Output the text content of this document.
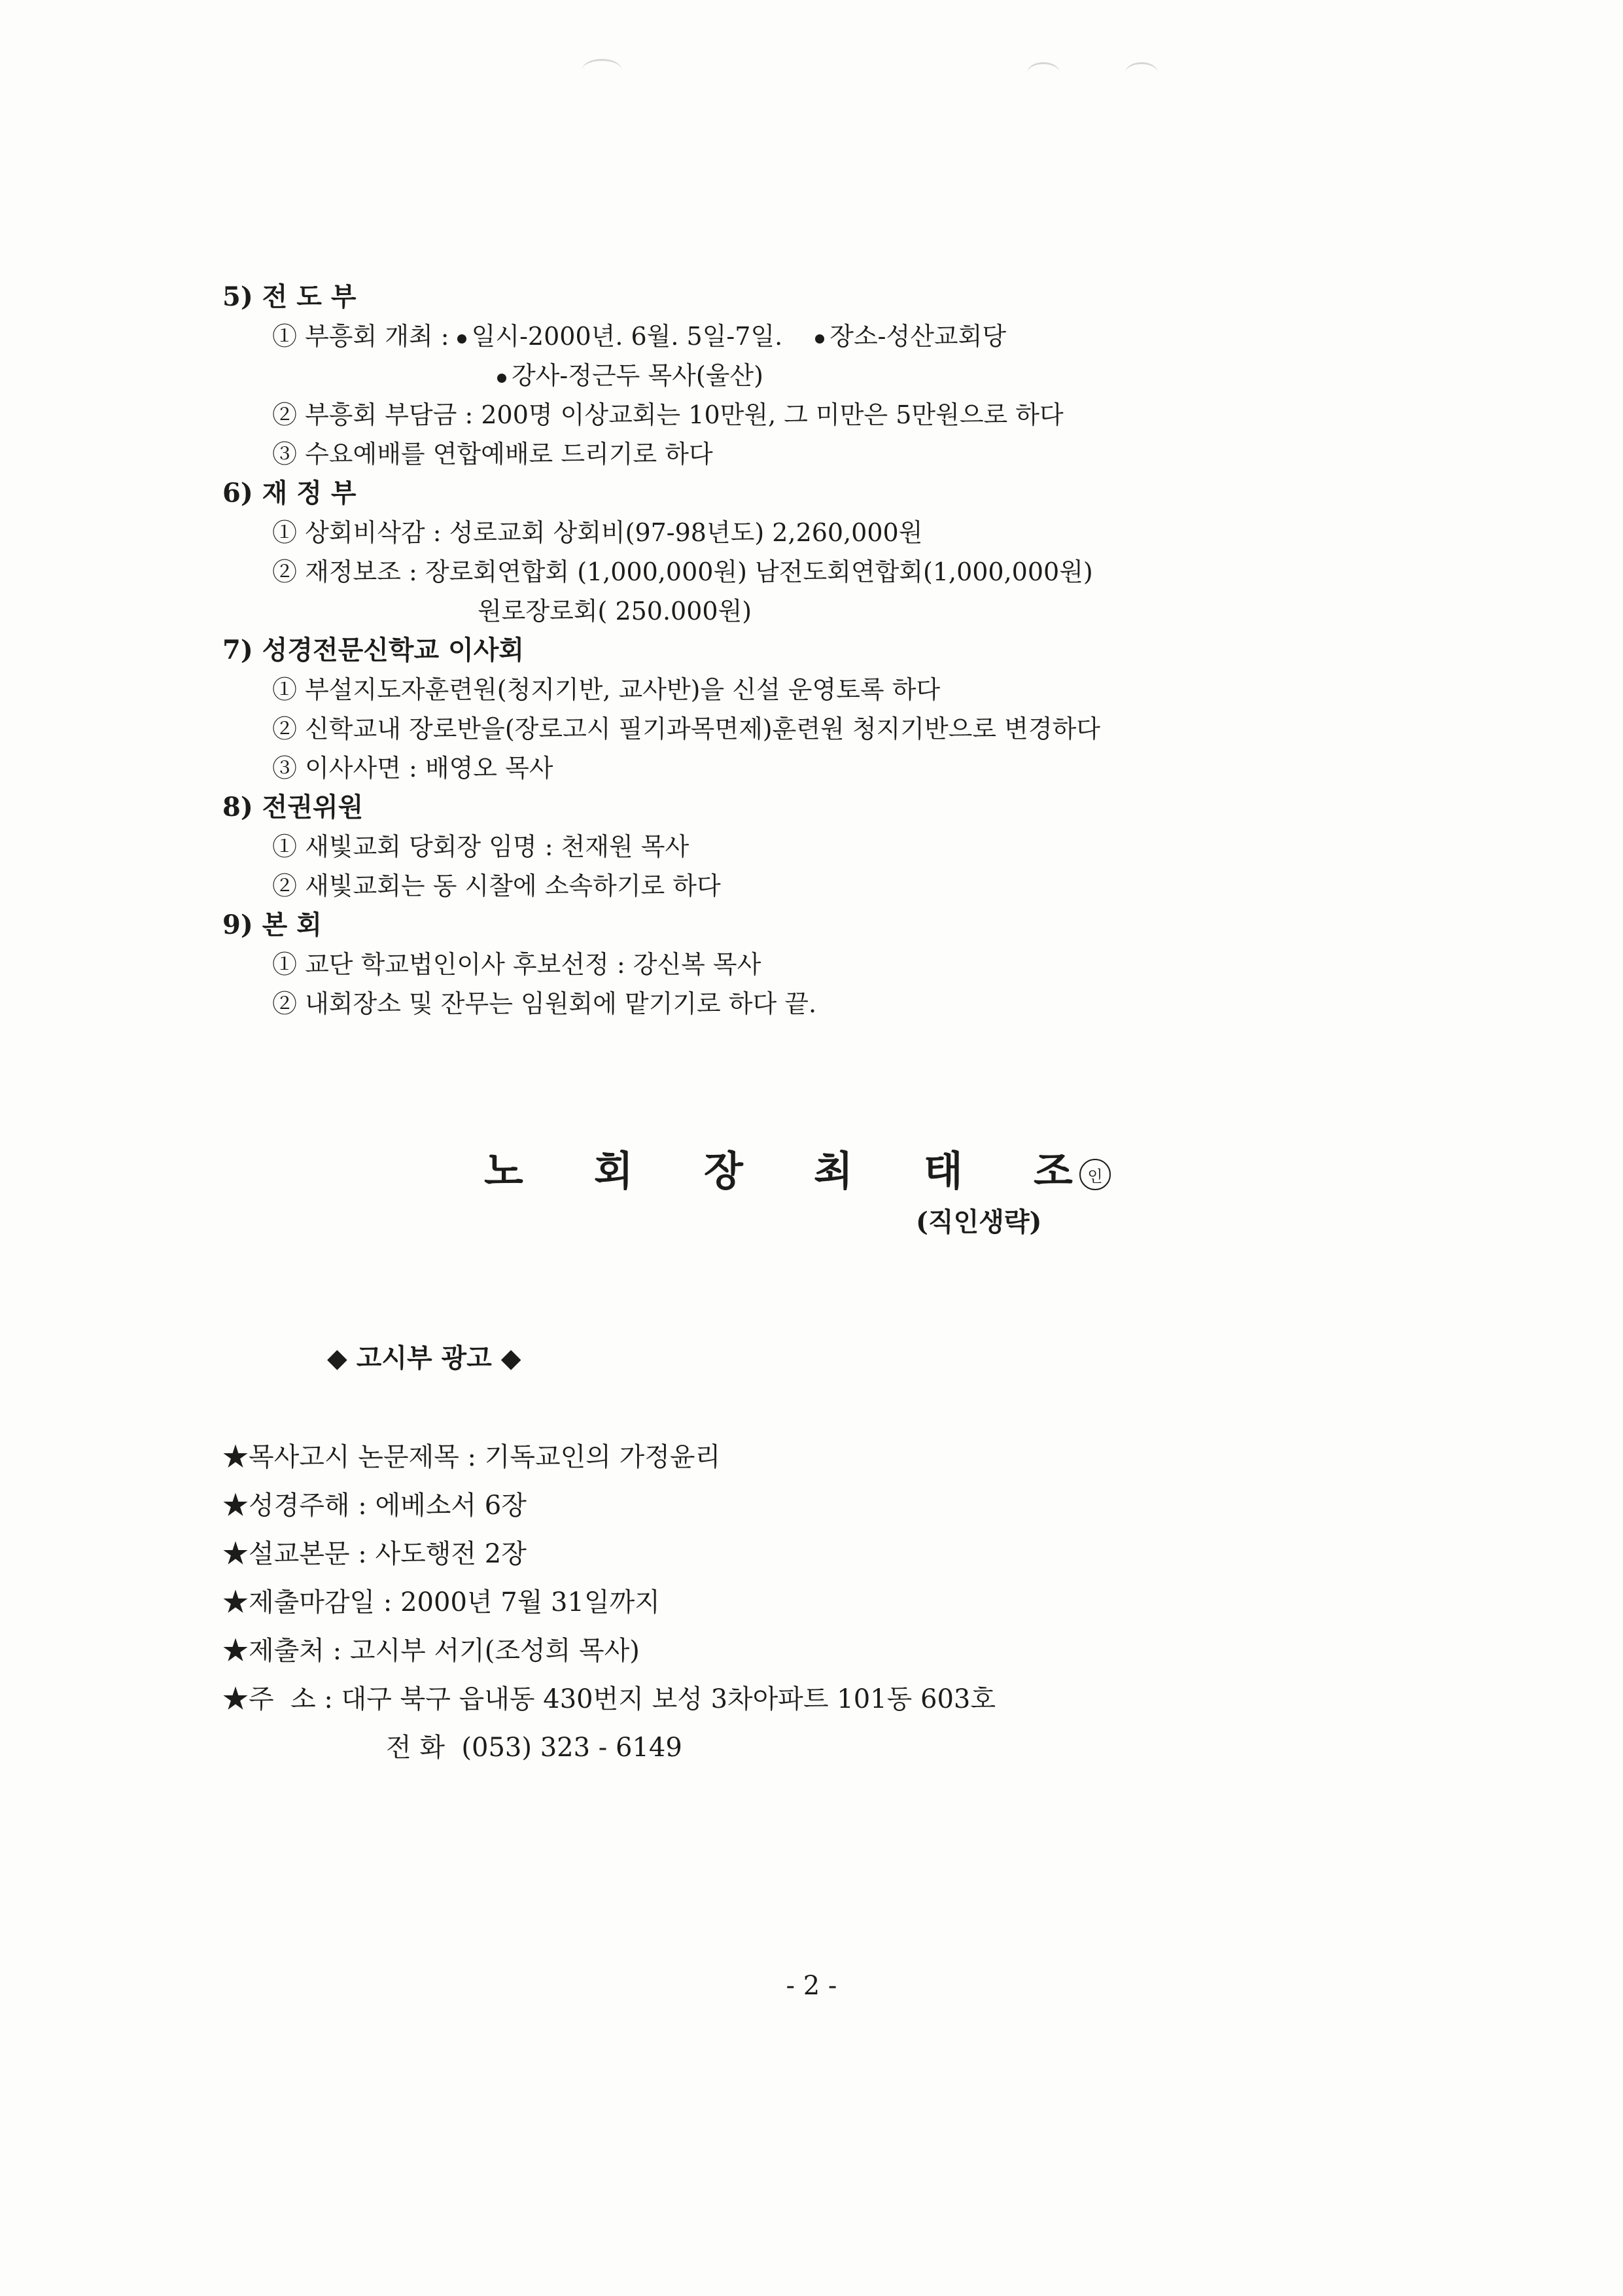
5) 전 도 부
① 부흥회 개최 : 일시-2000년. 6월. 5일-7일. 장소-성산교회당
강사-정근두 목사(울산)
② 부흥회 부담금 : 200명 이상교회는 10만원, 그 미만은 5만원으로 하다
③ 수요예배를 연합예배로 드리기로 하다
6) 재 정 부
① 상회비삭감 : 성로교회 상회비(97-98년도) 2,260,000원
② 재정보조 : 장로회연합회 (1,000,000원) 남전도회연합회(1,000,000원)
원로장로회( 250.000원)
7) 성경전문신학교 이사회
① 부설지도자훈련원(청지기반, 교사반)을 신설 운영토록 하다
② 신학교내 장로반을(장로고시 필기과목면제)훈련원 청지기반으로 변경하다
③ 이사사면 : 배영오 목사
8) 전권위원
① 새빛교회 당회장 임명 : 천재원 목사
② 새빛교회는 동 시찰에 소속하기로 하다
9) 본 회
① 교단 학교법인이사 후보선정 : 강신복 목사
② 내회장소 및 잔무는 임원회에 맡기기로 하다 끝.
노 회 장 최 태 조 인
(직인생략)
◆ 고시부 광고 ◆
★목사고시 논문제목 : 기독교인의 가정윤리
★성경주해 : 에베소서 6장
★설교본문 : 사도행전 2장
★제출마감일 : 2000년 7월 31일까지
★제출처 : 고시부 서기(조성희 목사)
★주  소 : 대구 북구 읍내동 430번지 보성 3차아파트 101동 603호
전 화  (053) 323 - 6149
- 2 -
